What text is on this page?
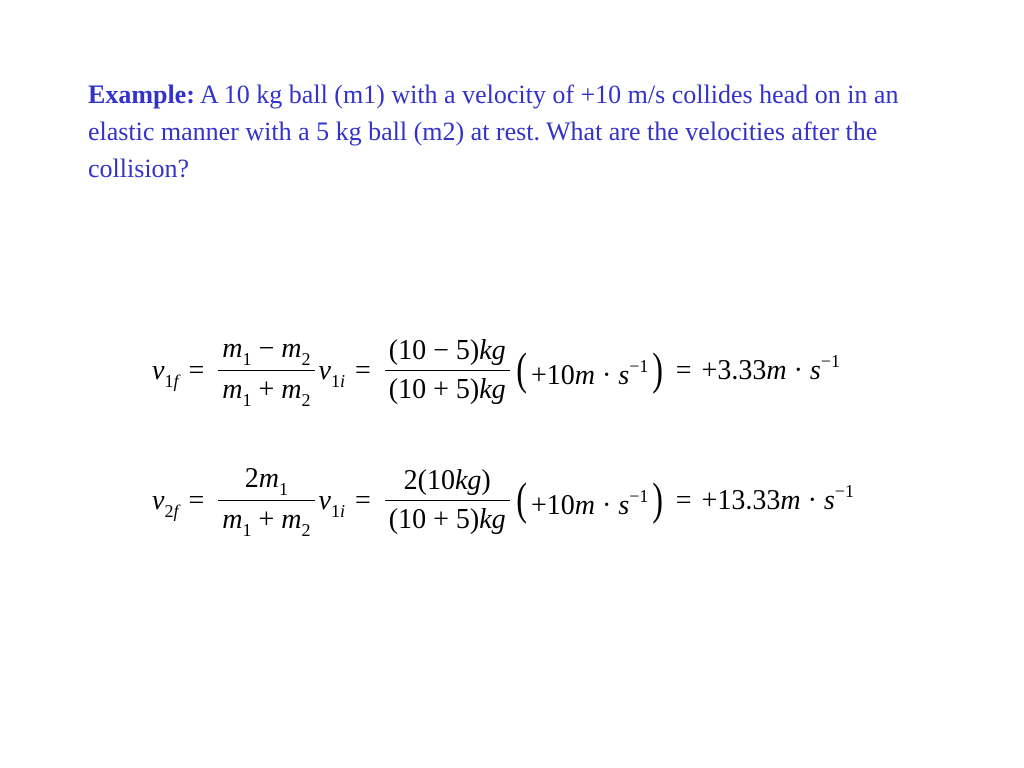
Example: A 10 kg ball (m1) with a velocity of +10 m/s collides head on in an elastic manner with a 5 kg ball (m2) at rest. What are the velocities after the collision?
$v_{1f} = \frac{m_1 - m_2}{m_1 + m_2} v_{1i} = \frac{(10 - 5)kg}{(10 + 5)kg}$ ( $+10m \cdot s^{-1}) = +3.33m \cdot s^{-1}$
$v_{2f} = \frac{2m_1}{m_1 + m_2} v_{1i} = \frac{2(10kg)}{(10 + 5)kg}$ ( $+10m \cdot s^{-1}) = +13.33m \cdot s^{-1}$
